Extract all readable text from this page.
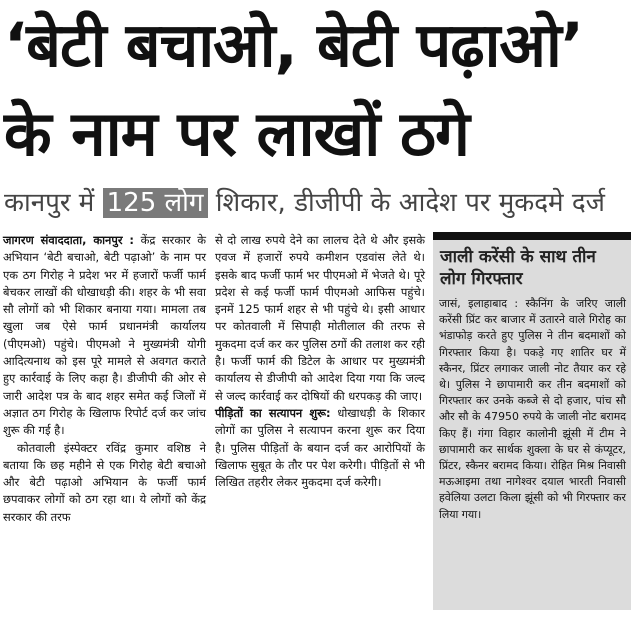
‘बेटी बचाओ, बेटी पढ़ाओ’
के नाम पर लाखों ठगे
कानपुर में 125 लोग शिकार, डीजीपी के आदेश पर मुकदमे दर्ज

जागरण संवाददाता, कानपुर : केंद्र सरकार के अभियान ‘बेटी बचाओ, बेटी पढ़ाओ’ के नाम पर एक ठग गिरोह ने प्रदेश भर में हजारों फर्जी फार्म बेचकर लाखों की धोखाधड़ी की। शहर के भी सवा सौ लोगों को भी शिकार बनाया गया। मामला तब खुला जब ऐसे फार्म प्रधानमंत्री कार्यालय (पीएमओ) पहुंचे। पीएमओ ने मुख्यमंत्री योगी आदित्यनाथ को इस पूरे मामले से अवगत कराते हुए कार्रवाई के लिए कहा है। डीजीपी की ओर से जारी आदेश पत्र के बाद शहर समेत कई जिलों में अज्ञात ठग गिरोह के खिलाफ रिपोर्ट दर्ज कर जांच शुरू की गई है।

कोतवाली इंस्पेक्टर रविंद्र कुमार वशिष्ठ ने बताया कि छह महीने से एक गिरोह बेटी बचाओ और बेटी पढ़ाओ अभियान के फर्जी फार्म छपवाकर लोगों को ठग रहा था। ये लोगों को केंद्र सरकार की तरफ

से दो लाख रुपये देने का लालच देते थे और इसके एवज में हजारों रुपये कमीशन एडवांस लेते थे। इसके बाद फर्जी फार्म भर पीएमओ में भेजते थे। पूरे प्रदेश से कई फर्जी फार्म पीएमओ आफिस पहुंचे। इनमें 125 फार्म शहर से भी पहुंचे थे। इसी आधार पर कोतवाली में सिपाही मोतीलाल की तरफ से मुकदमा दर्ज कर कर पुलिस ठगों की तलाश कर रही है। फर्जी फार्म की डिटेल के आधार पर मुख्यमंत्री कार्यालय से डीजीपी को आदेश दिया गया कि जल्द से जल्द कार्रवाई कर दोषियों की धरपकड़ की जाए।

पीड़ितों का सत्यापन शुरू: धोखाधड़ी के शिकार लोगों का पुलिस ने सत्यापन करना शुरू कर दिया है। पुलिस पीड़ितों के बयान दर्ज कर आरोपियों के खिलाफ सुबूत के तौर पर पेश करेगी। पीड़ितों से भी लिखित तहरीर लेकर मुकदमा दर्ज करेगी।

जाली करेंसी के साथ तीन लोग गिरफ्तार
जासं, इलाहाबाद : स्कैनिंग के जरिए जाली करेंसी प्रिंट कर बाजार में उतारने वाले गिरोह का भंडाफोड़ करते हुए पुलिस ने तीन बदमाशों को गिरफ्तार किया है। पकड़े गए शातिर घर में स्कैनर, प्रिंटर लगाकर जाली नोट तैयार कर रहे थे। पुलिस ने छापामारी कर तीन बदमाशों को गिरफ्तार कर उनके कब्जे से दो हजार, पांच सौ और सौ के 47950 रुपये के जाली नोट बरामद किए हैं। गंगा विहार कालोनी झूंसी में टीम ने छापामारी कर सार्थक शुक्ला के घर से कंप्यूटर, प्रिंटर, स्कैनर बरामद किया। रोहित मिश्र निवासी मऊआइमा तथा नागेश्वर दयाल भारती निवासी हवेलिया उलटा किला झूंसी को भी गिरफ्तार कर लिया गया।
